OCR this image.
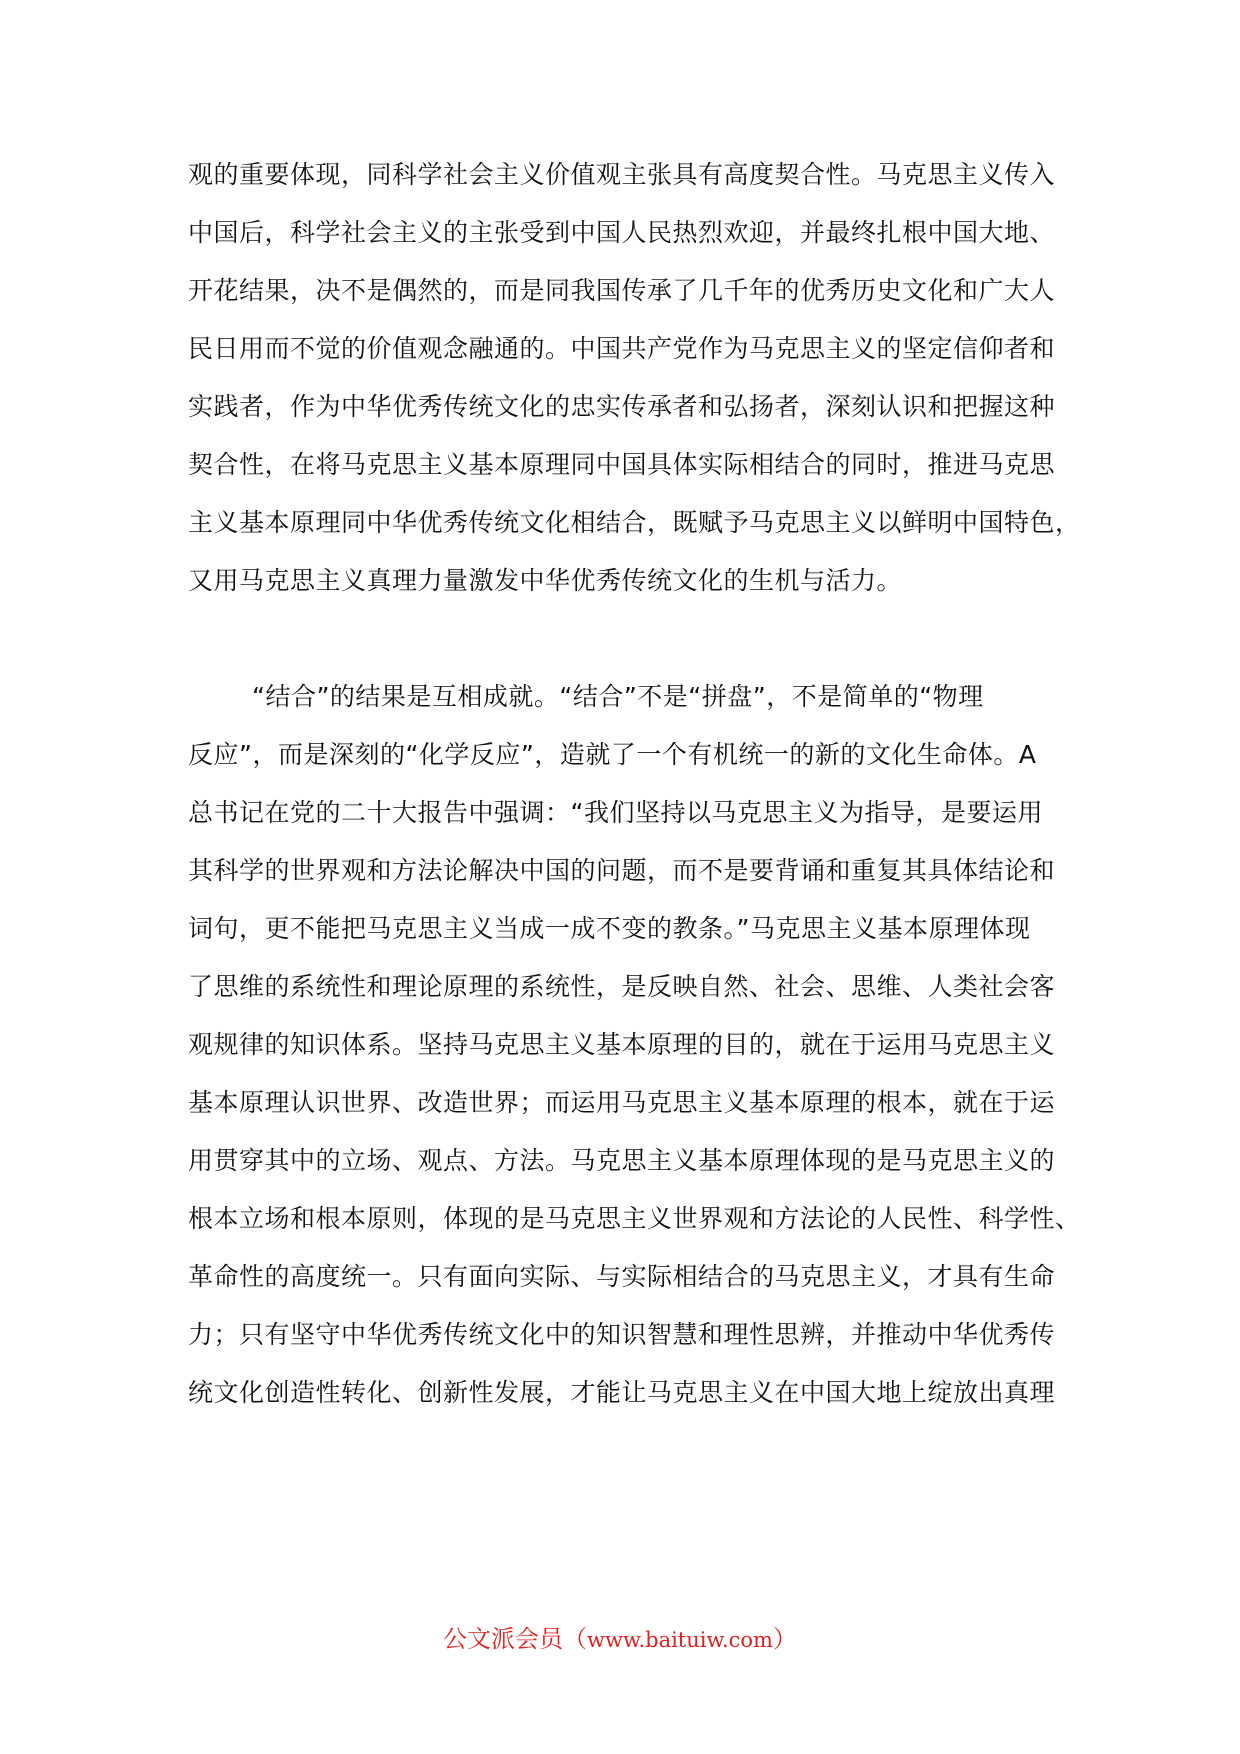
观的重要体现，同科学社会主义价值观主张具有高度契合性。马克思主义传入
中国后，科学社会主义的主张受到中国人民热烈欢迎，并最终扎根中国大地、
开花结果，决不是偶然的，而是同我国传承了几千年的优秀历史文化和广大人
民日用而不觉的价值观念融通的。中国共产党作为马克思主义的坚定信仰者和
实践者，作为中华优秀传统文化的忠实传承者和弘扬者，深刻认识和把握这种
契合性，在将马克思主义基本原理同中国具体实际相结合的同时，推进马克思
主义基本原理同中华优秀传统文化相结合，既赋予马克思主义以鲜明中国特色，
又用马克思主义真理力量激发中华优秀传统文化的生机与活力。
“结合”的结果是互相成就。“结合”不是“拼盘”，不是简单的“物理
反应”，而是深刻的“化学反应”，造就了一个有机统一的新的文化生命体。A
总书记在党的二十大报告中强调：“我们坚持以马克思主义为指导，是要运用
其科学的世界观和方法论解决中国的问题，而不是要背诵和重复其具体结论和
词句，更不能把马克思主义当成一成不变的教条。”马克思主义基本原理体现
了思维的系统性和理论原理的系统性，是反映自然、社会、思维、人类社会客
观规律的知识体系。坚持马克思主义基本原理的目的，就在于运用马克思主义
基本原理认识世界、改造世界；而运用马克思主义基本原理的根本，就在于运
用贯穿其中的立场、观点、方法。马克思主义基本原理体现的是马克思主义的
根本立场和根本原则，体现的是马克思主义世界观和方法论的人民性、科学性、
革命性的高度统一。只有面向实际、与实际相结合的马克思主义，才具有生命
力；只有坚守中华优秀传统文化中的知识智慧和理性思辨，并推动中华优秀传
统文化创造性转化、创新性发展，才能让马克思主义在中国大地上绽放出真理
公文派会员（www.baituiw.com）
